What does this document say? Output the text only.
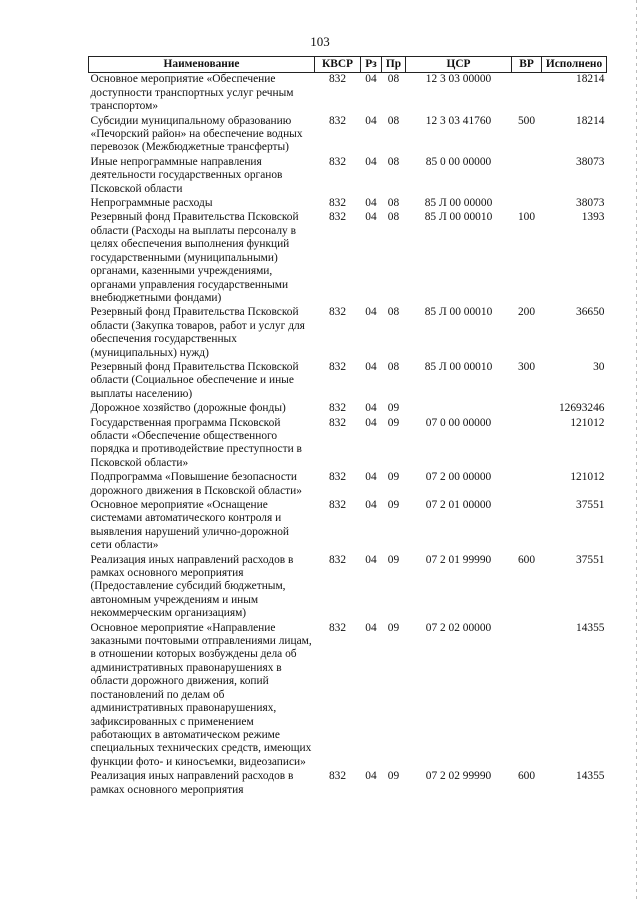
103
Наименование	КВСР	Рз	Пр	ЦСР	ВР	Исполнено
Основное мероприятие «Обеспечение доступности транспортных услуг речным транспортом»	832	04	08	12 3 03 00000		18214
Субсидии муниципальному образованию «Печорский район» на обеспечение водных перевозок (Межбюджетные трансферты)	832	04	08	12 3 03 41760	500	18214
Иные непрограммные направления деятельности государственных органов Псковской области	832	04	08	85 0 00 00000		38073
Непрограммные расходы	832	04	08	85 Л 00 00000		38073
Резервный фонд Правительства Псковской области (Расходы на выплаты персоналу в целях обеспечения выполнения функций государственными (муниципальными) органами, казенными учреждениями, органами управления государственными внебюджетными фондами)	832	04	08	85 Л 00 00010	100	1393
Резервный фонд Правительства Псковской области (Закупка товаров, работ и услуг для обеспечения государственных (муниципальных) нужд)	832	04	08	85 Л 00 00010	200	36650
Резервный фонд Правительства Псковской области (Социальное обеспечение и иные выплаты населению)	832	04	08	85 Л 00 00010	300	30
Дорожное хозяйство (дорожные фонды)	832	04	09			12693246
Государственная программа Псковской области «Обеспечение общественного порядка и противодействие преступности в Псковской области»	832	04	09	07 0 00 00000		121012
Подпрограмма «Повышение безопасности дорожного движения в Псковской области»	832	04	09	07 2 00 00000		121012
Основное мероприятие «Оснащение системами автоматического контроля и выявления нарушений улично-дорожной сети области»	832	04	09	07 2 01 00000		37551
Реализация иных направлений расходов в рамках основного мероприятия (Предоставление субсидий бюджетным, автономным учреждениям и иным некоммерческим организациям)	832	04	09	07 2 01 99990	600	37551
Основное мероприятие «Направление заказными почтовыми отправлениями лицам, в отношении которых возбуждены дела об административных правонарушениях в области дорожного движения, копий постановлений по делам об административных правонарушениях, зафиксированных с применением работающих в автоматическом режиме специальных технических средств, имеющих функции фото- и киносъемки, видеозаписи»	832	04	09	07 2 02 00000		14355
Реализация иных направлений расходов в рамках основного мероприятия	832	04	09	07 2 02 99990	600	14355
